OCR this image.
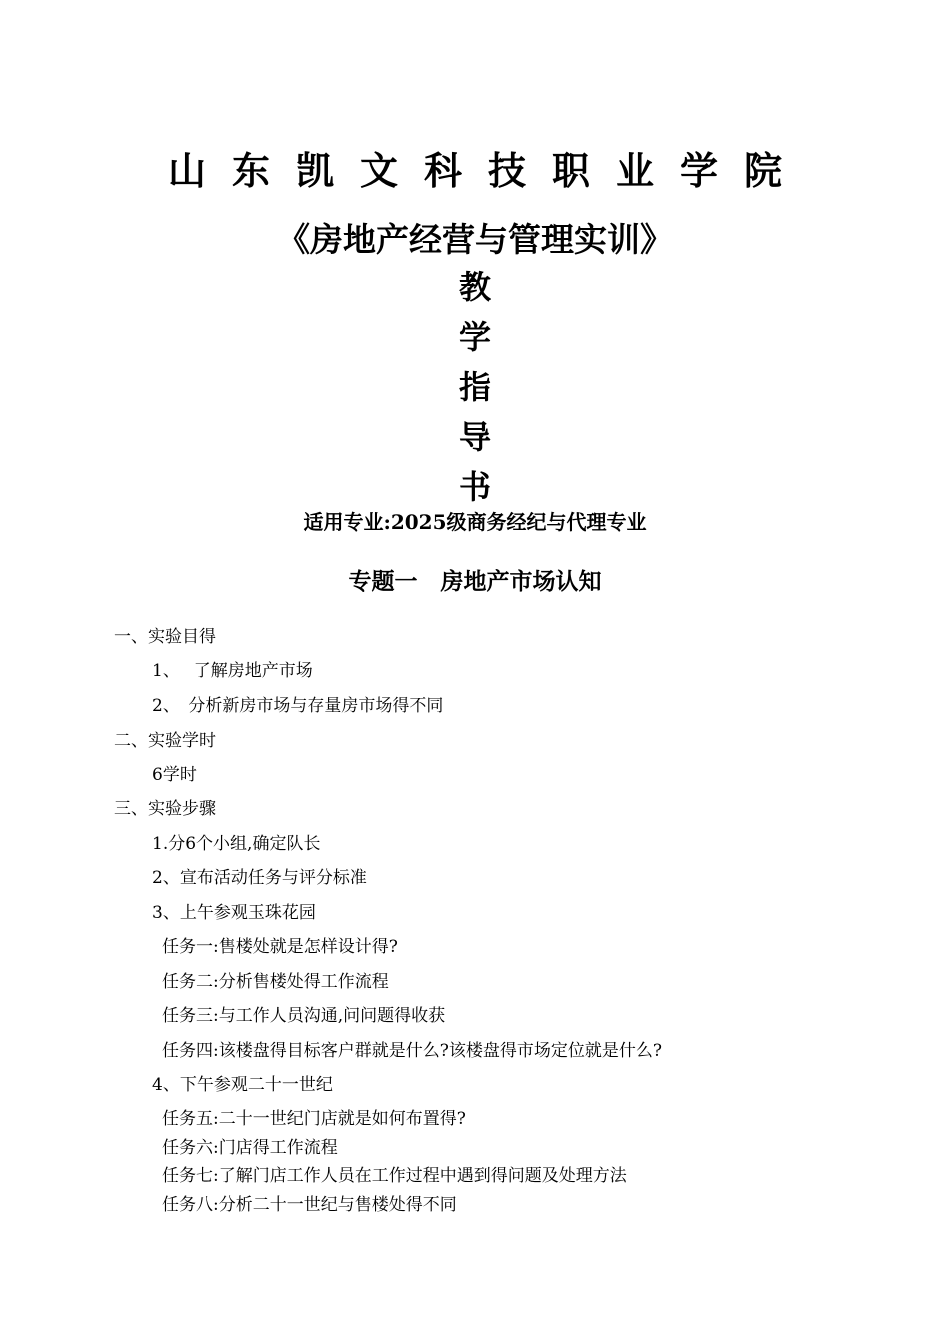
山东凯文科技职业学院
《房地产经营与管理实训》
教
学
指
导
书
适用专业:2025级商务经纪与代理专业
专题一　房地产市场认知
一、实验目得
1、　 了解房地产市场
2、　分析新房市场与存量房市场得不同
二、实验学时
6学时
三、实验步骤
1.分6个小组,确定队长
2、宣布活动任务与评分标准
3、上午参观玉珠花园
任务一:售楼处就是怎样设计得?
任务二:分析售楼处得工作流程
任务三:与工作人员沟通,问问题得收获
任务四:该楼盘得目标客户群就是什么?该楼盘得市场定位就是什么?
4、下午参观二十一世纪
任务五:二十一世纪门店就是如何布置得?
任务六:门店得工作流程
任务七:了解门店工作人员在工作过程中遇到得问题及处理方法
任务八:分析二十一世纪与售楼处得不同
